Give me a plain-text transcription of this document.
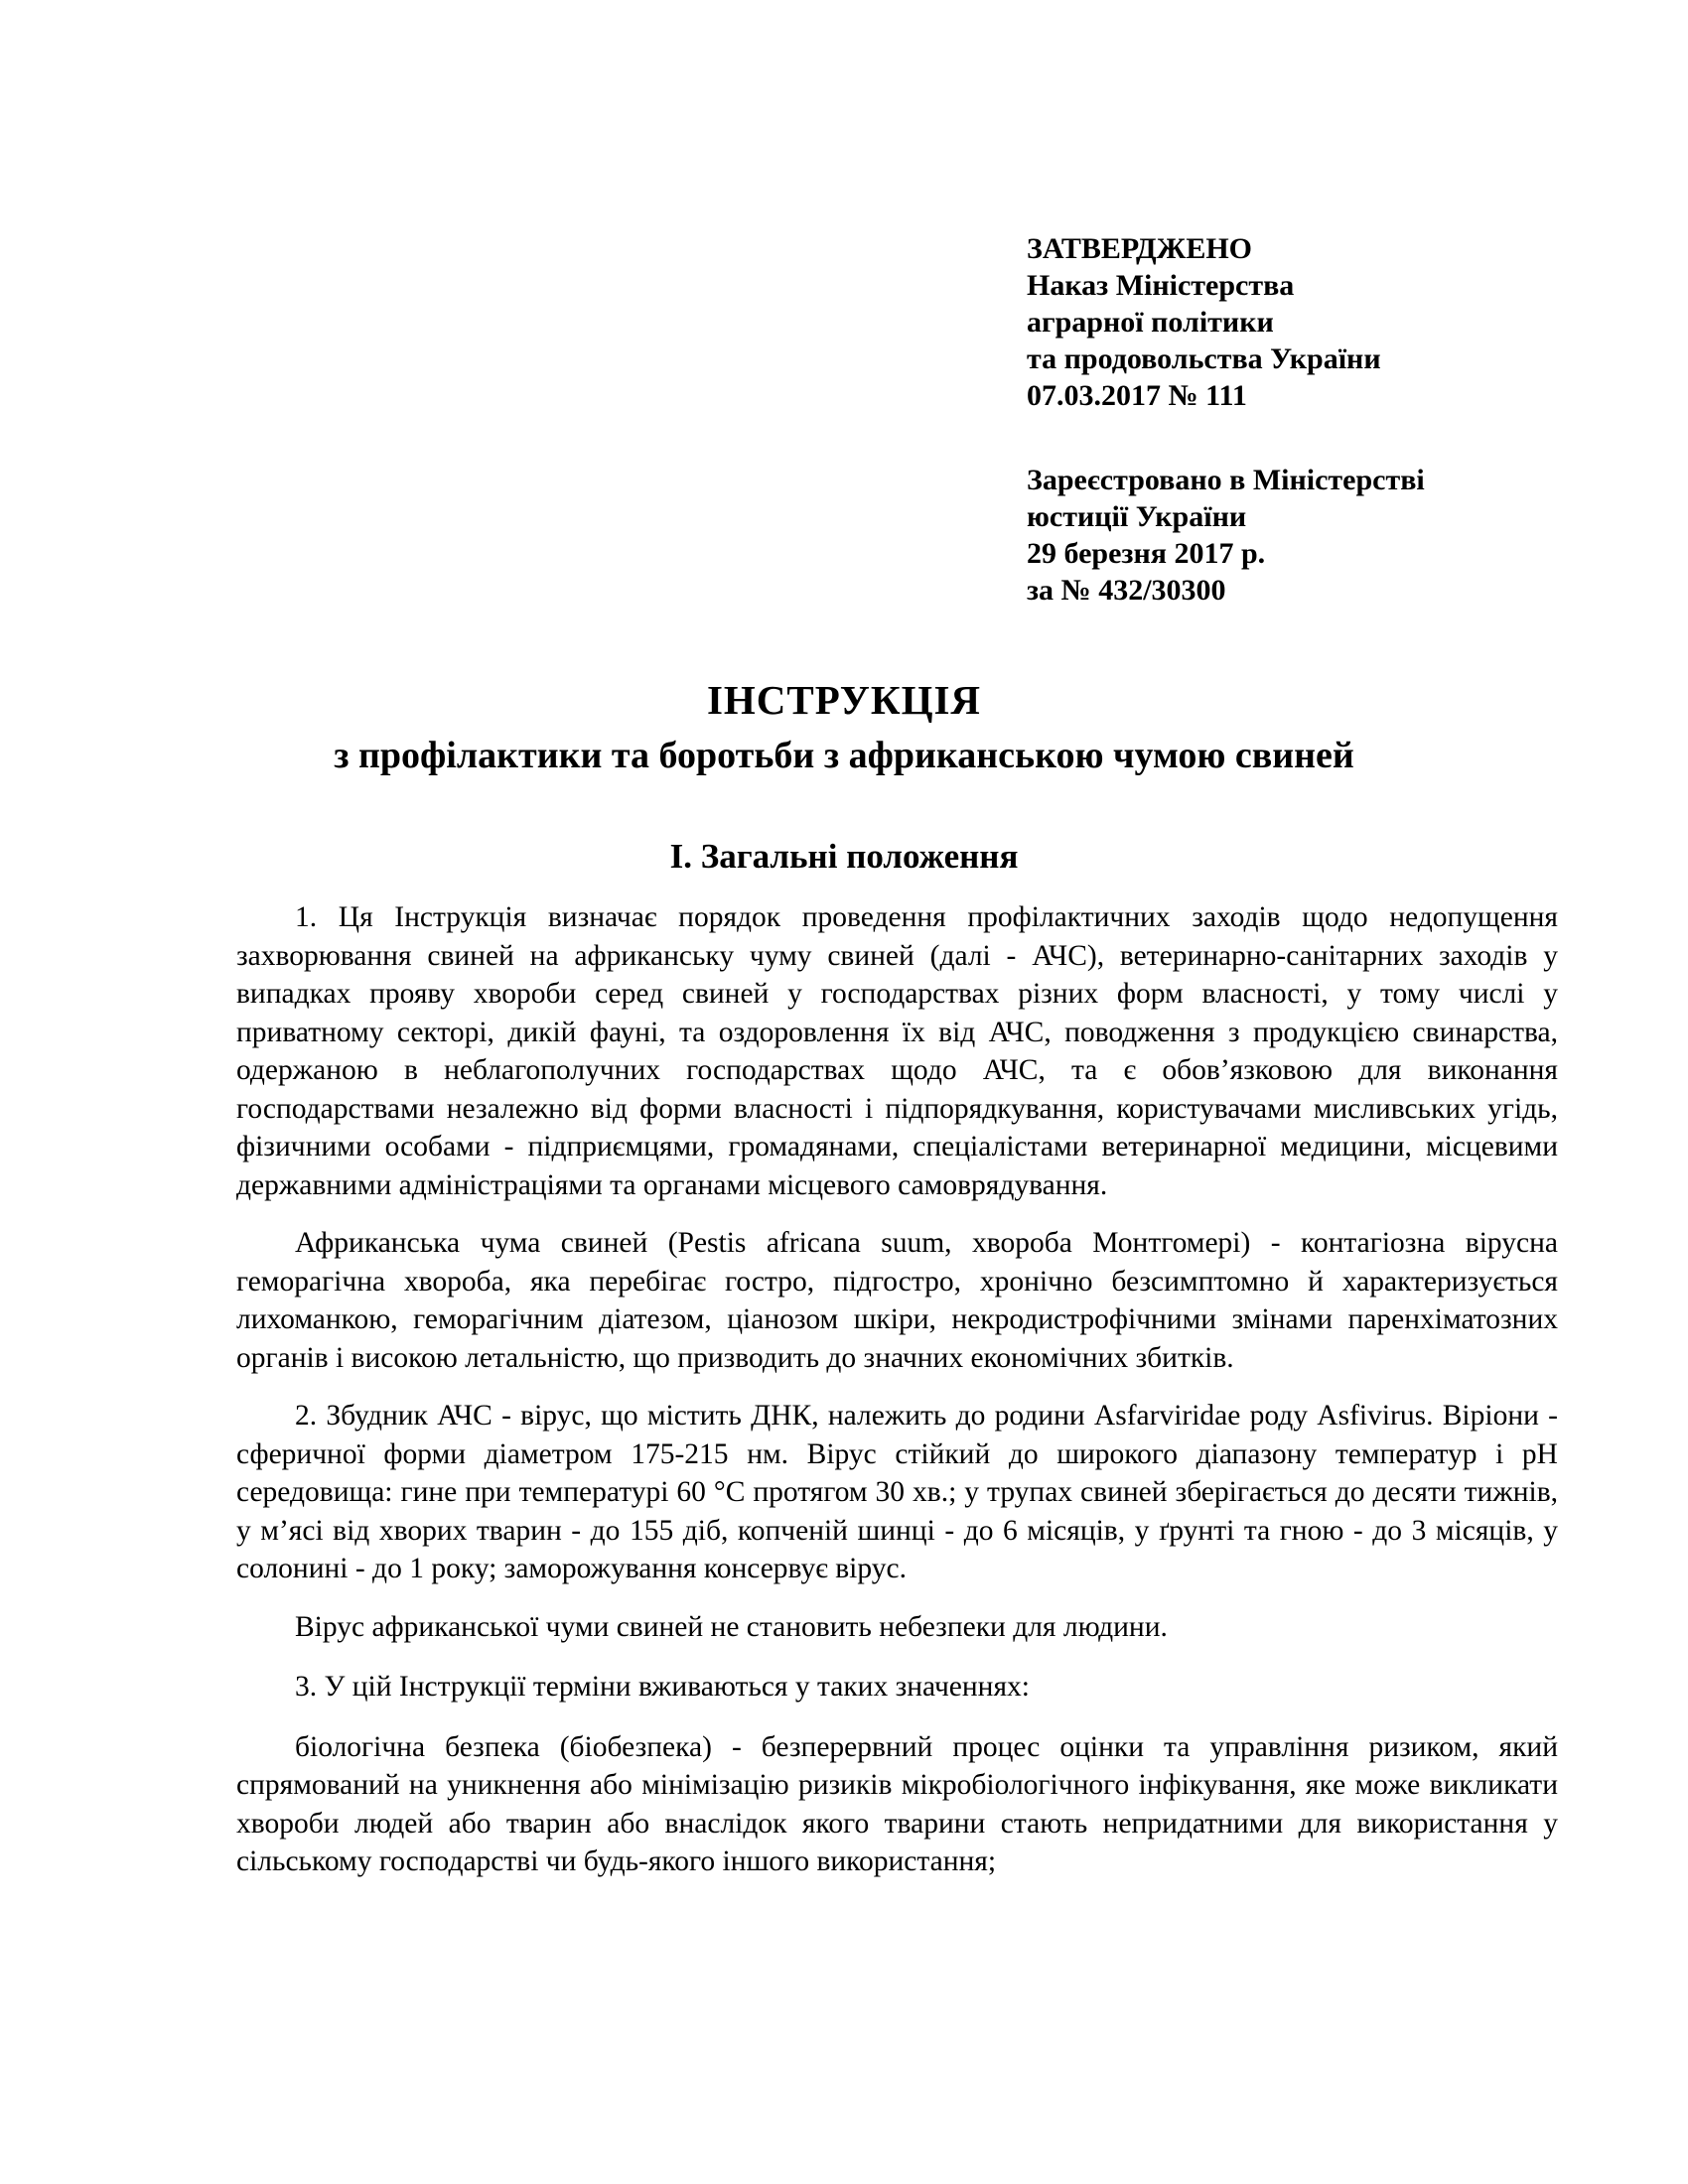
ЗАТВЕРДЖЕНО
Наказ Міністерства
аграрної політики
та продовольства України
07.03.2017 № 111
Зареєстровано в Міністерстві
юстиції України
29 березня 2017 р.
за № 432/30300
ІНСТРУКЦІЯ
з профілактики та боротьби з африканською чумою свиней
І. Загальні положення

1. Ця Інструкція визначає порядок проведення профілактичних заходів щодо недопущення захворювання свиней на африканську чуму свиней (далі - АЧС), ветеринарно-санітарних заходів у випадках прояву хвороби серед свиней у господарствах різних форм власності, у тому числі у приватному секторі, дикій фауні, та оздоровлення їх від АЧС, поводження з продукцією свинарства, одержаною в неблагополучних господарствах щодо АЧС, та є обов’язковою для виконання господарствами незалежно від форми власності і підпорядкування, користувачами мисливських угідь, фізичними особами - підприємцями, громадянами, спеціалістами ветеринарної медицини, місцевими державними адміністраціями та органами місцевого самоврядування.

Африканська чума свиней (Pestis africana suum, хвороба Монтгомері) - контагіозна вірусна геморагічна хвороба, яка перебігає гостро, підгостро, хронічно безсимптомно й характеризується лихоманкою, геморагічним діатезом, ціанозом шкіри, некродистрофічними змінами паренхіматозних органів і високою летальністю, що призводить до значних економічних збитків.

2. Збудник АЧС - вірус, що містить ДНК, належить до родини Asfarviridae роду Asfivirus. Віріони - сферичної форми діаметром 175-215 нм. Вірус стійкий до широкого діапазону температур і pH середовища: гине при температурі 60 °C протягом 30 хв.; у трупах свиней зберігається до десяти тижнів, у м’ясі від хворих тварин - до 155 діб, копченій шинці - до 6 місяців, у ґрунті та гною - до 3 місяців, у солонині - до 1 року; заморожування консервує вірус.

Вірус африканської чуми свиней не становить небезпеки для людини.

3. У цій Інструкції терміни вживаються у таких значеннях:

біологічна безпека (біобезпека) - безперервний процес оцінки та управління ризиком, який спрямований на уникнення або мінімізацію ризиків мікробіологічного інфікування, яке може викликати хвороби людей або тварин або внаслідок якого тварини стають непридатними для використання у сільському господарстві чи будь-якого іншого використання;
